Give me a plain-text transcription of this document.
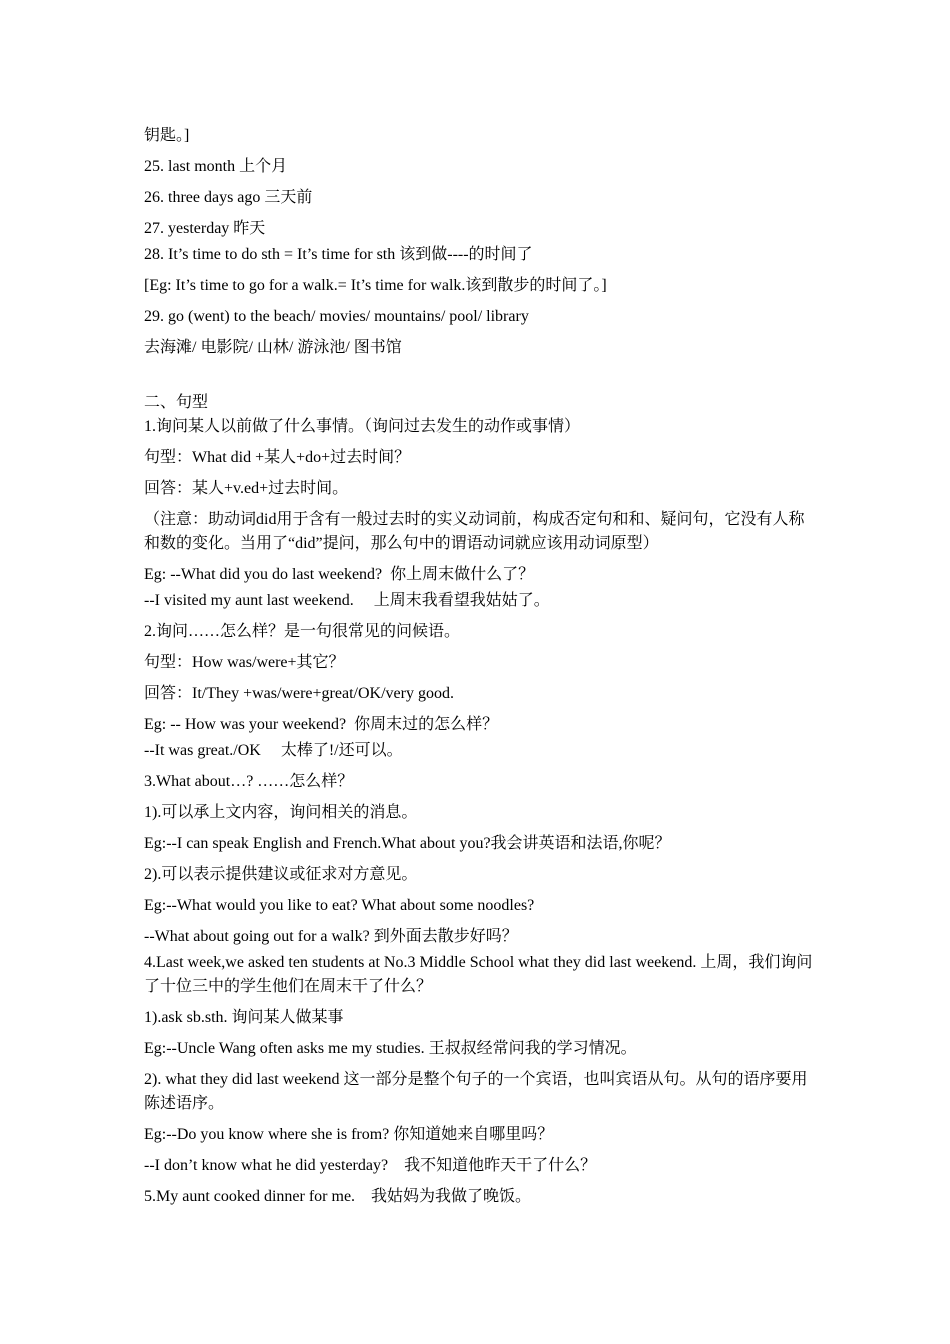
钥匙。]

25. last month 上个月

26. three days ago 三天前

27. yesterday 昨天

28. It’s time to do sth = It’s time for sth 该到做----的时间了

[Eg: It’s time to go for a walk.= It’s time for walk.该到散步的时间了。]

29. go (went) to the beach/ movies/ mountains/ pool/ library

去海滩/ 电影院/ 山林/ 游泳池/ 图书馆

二、句型

1.询问某人以前做了什么事情。（询问过去发生的动作或事情）

句型：What did +某人+do+过去时间？

回答：某人+v.ed+过去时间。

（注意：助动词did用于含有一般过去时的实义动词前，构成否定句和和、疑问句，它没有人称和数的变化。当用了“did”提问，那么句中的谓语动词就应该用动词原型）

Eg: --What did you do last weekend?  你上周末做什么了？

--I visited my aunt last weekend.     上周末我看望我姑姑了。

2.询问……怎么样？是一句很常见的问候语。

句型：How was/were+其它？

回答：It/They +was/were+great/OK/very good.

Eg: -- How was your weekend?  你周末过的怎么样？

--It was great./OK     太棒了!/还可以。

3.What about…? ……怎么样？

1).可以承上文内容，询问相关的消息。

Eg:--I can speak English and French.What about you?我会讲英语和法语,你呢？

2).可以表示提供建议或征求对方意见。

Eg:--What would you like to eat? What about some noodles?

--What about going out for a walk? 到外面去散步好吗？

4.Last week,we asked ten students at No.3 Middle School what they did last weekend. 上周，我们询问了十位三中的学生他们在周末干了什么？

1).ask sb.sth. 询问某人做某事

Eg:--Uncle Wang often asks me my studies. 王叔叔经常问我的学习情况。

2). what they did last weekend 这一部分是整个句子的一个宾语，也叫宾语从句。从句的语序要用陈述语序。

Eg:--Do you know where she is from? 你知道她来自哪里吗？

--I don’t know what he did yesterday?    我不知道他昨天干了什么？

5.My aunt cooked dinner for me.    我姑妈为我做了晚饭。
